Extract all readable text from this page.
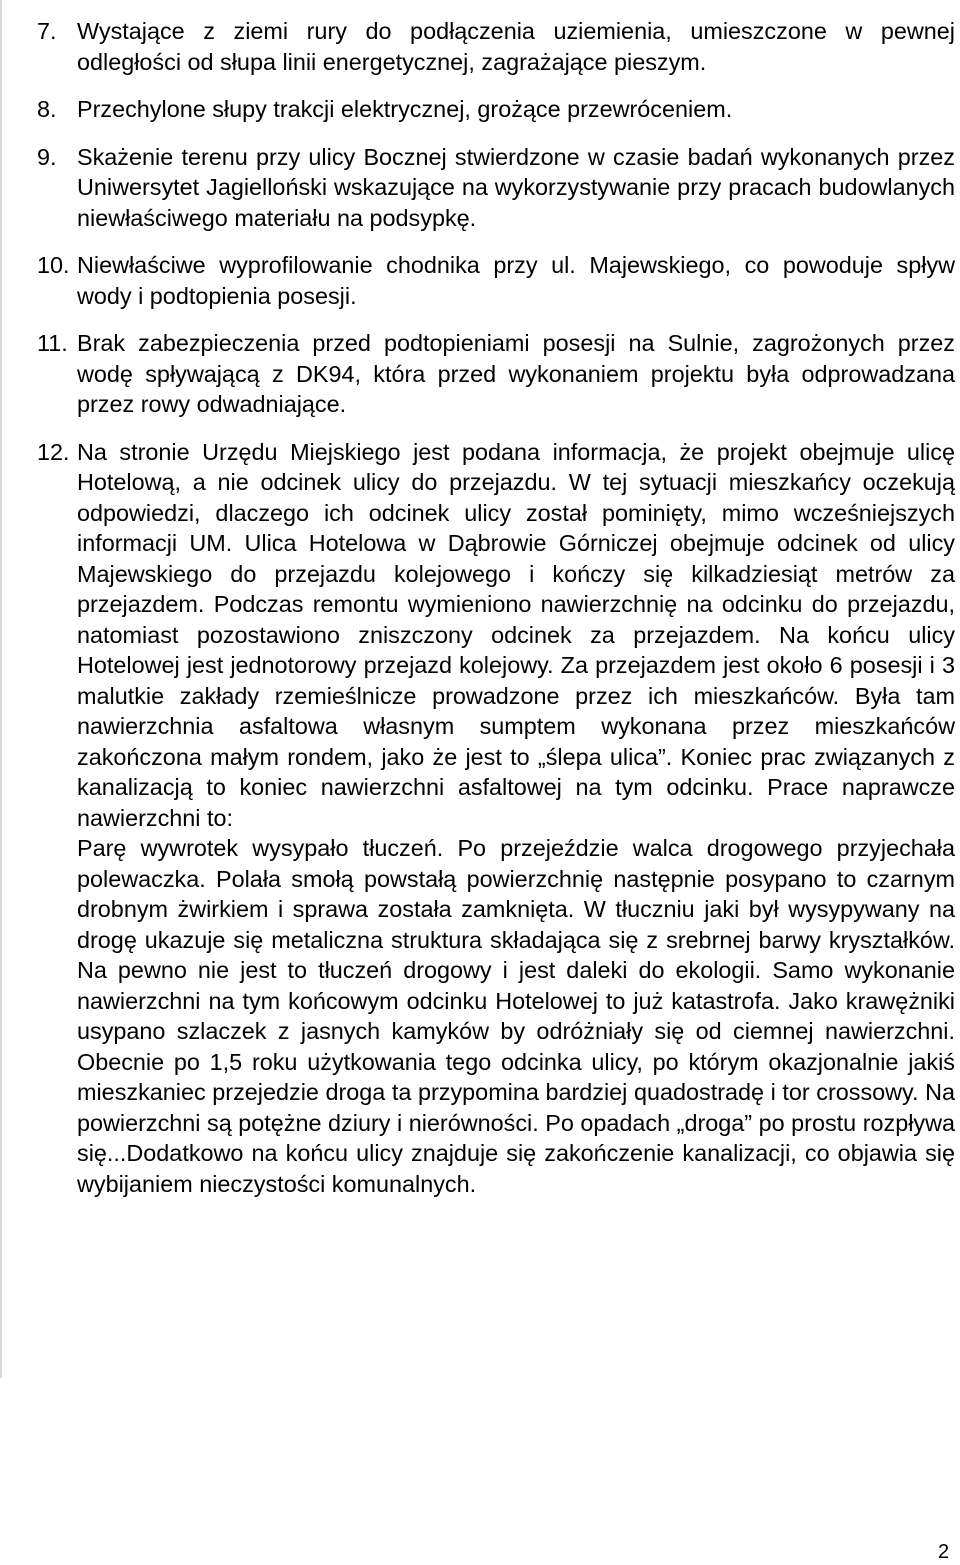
7. Wystające z ziemi rury do podłączenia uziemienia, umieszczone w pewnej odległości od słupa linii energetycznej, zagrażające pieszym.
8. Przechylone słupy trakcji elektrycznej, grożące przewróceniem.
9. Skażenie terenu przy ulicy Bocznej stwierdzone w czasie badań wykonanych przez Uniwersytet Jagielloński wskazujące na wykorzystywanie przy pracach budowlanych niewłaściwego materiału na podsypkę.
10. Niewłaściwe wyprofilowanie chodnika przy ul. Majewskiego, co powoduje spływ wody i podtopienia posesji.
11. Brak zabezpieczenia przed podtopieniami posesji na Sulnie, zagrożonych przez wodę spływającą z DK94, która przed wykonaniem projektu była odprowadzana przez rowy odwadniające.
12. Na stronie Urzędu Miejskiego jest podana informacja, że projekt obejmuje ulicę Hotelową, a nie odcinek ulicy do przejazdu. W tej sytuacji mieszkańcy oczekują odpowiedzi, dlaczego ich odcinek ulicy został pominięty, mimo wcześniejszych informacji UM. Ulica Hotelowa w Dąbrowie Górniczej obejmuje odcinek od ulicy Majewskiego do przejazdu kolejowego i kończy się kilkadziesiąt metrów za przejazdem. Podczas remontu wymieniono nawierzchnię na odcinku do przejazdu, natomiast pozostawiono zniszczony odcinek za przejazdem. Na końcu ulicy Hotelowej jest jednotorowy przejazd kolejowy. Za przejazdem jest około 6 posesji i 3 malutkie zakłady rzemieślnicze prowadzone przez ich mieszkańców. Była tam nawierzchnia asfaltowa własnym sumptem wykonana przez mieszkańców zakończona małym rondem, jako że jest to „ślepa ulica”. Koniec prac związanych z kanalizacją to koniec nawierzchni asfaltowej na tym odcinku. Prace naprawcze nawierzchni to:
Parę wywrotek wysypało tłuczeń. Po przejeździe walca drogowego przyjechała polewaczka. Polała smołą powstałą powierzchnię następnie posypano to czarnym drobnym żwirkiem i sprawa została zamknięta. W tłuczniu jaki był wysypywany na drogę ukazuje się metaliczna struktura składająca się z srebrnej barwy kryształków. Na pewno nie jest to tłuczeń drogowy i jest daleki do ekologii. Samo wykonanie nawierzchni na tym końcowym odcinku Hotelowej to już katastrofa. Jako krawężniki usypano szlaczek z jasnych kamyków by odróżniały się od ciemnej nawierzchni. Obecnie po 1,5 roku użytkowania tego odcinka ulicy, po którym okazjonalnie jakiś mieszkaniec przejedzie droga ta przypomina bardziej quadostradę i tor crossowy. Na powierzchni są potężne dziury i nierówności. Po opadach „droga” po prostu rozpływa się...Dodatkowo na końcu ulicy znajduje się zakończenie kanalizacji, co objawia się wybijaniem nieczystości komunalnych.
2
